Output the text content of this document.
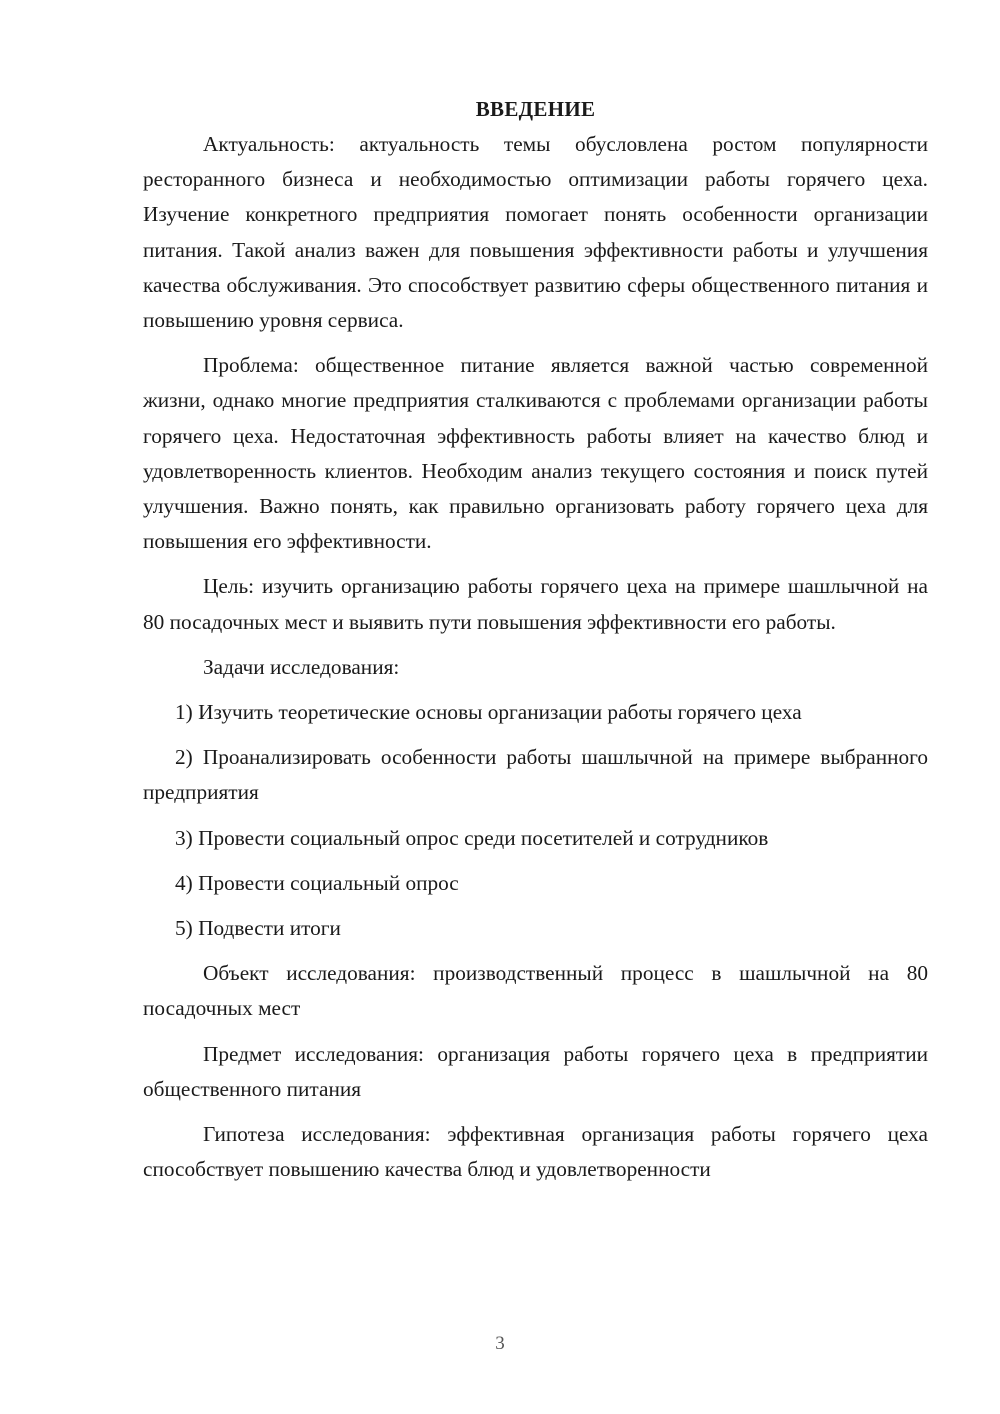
ВВЕДЕНИЕ

Актуальность: актуальность темы обусловлена ростом популярности ресторанного бизнеса и необходимостью оптимизации работы горячего цеха. Изучение конкретного предприятия помогает понять особенности организации питания. Такой анализ важен для повышения эффективности работы и улучшения качества обслуживания. Это способствует развитию сферы общественного питания и повышению уровня сервиса.

Проблема: общественное питание является важной частью современной жизни, однако многие предприятия сталкиваются с проблемами организации работы горячего цеха. Недостаточная эффективность работы влияет на качество блюд и удовлетворенность клиентов. Необходим анализ текущего состояния и поиск путей улучшения. Важно понять, как правильно организовать работу горячего цеха для повышения его эффективности.

Цель: изучить организацию работы горячего цеха на примере шашлычной на 80 посадочных мест и выявить пути повышения эффективности его работы.

Задачи исследования:

1) Изучить теоретические основы организации работы горячего цеха

2) Проанализировать особенности работы шашлычной на примере выбранного предприятия

3) Провести социальный опрос среди посетителей и сотрудников

4) Провести социальный опрос

5) Подвести итоги

Объект исследования: производственный процесс в шашлычной на 80 посадочных мест

Предмет исследования: организация работы горячего цеха в предприятии общественного питания

Гипотеза исследования: эффективная организация работы горячего цеха способствует повышению качества блюд и удовлетворенности

3
